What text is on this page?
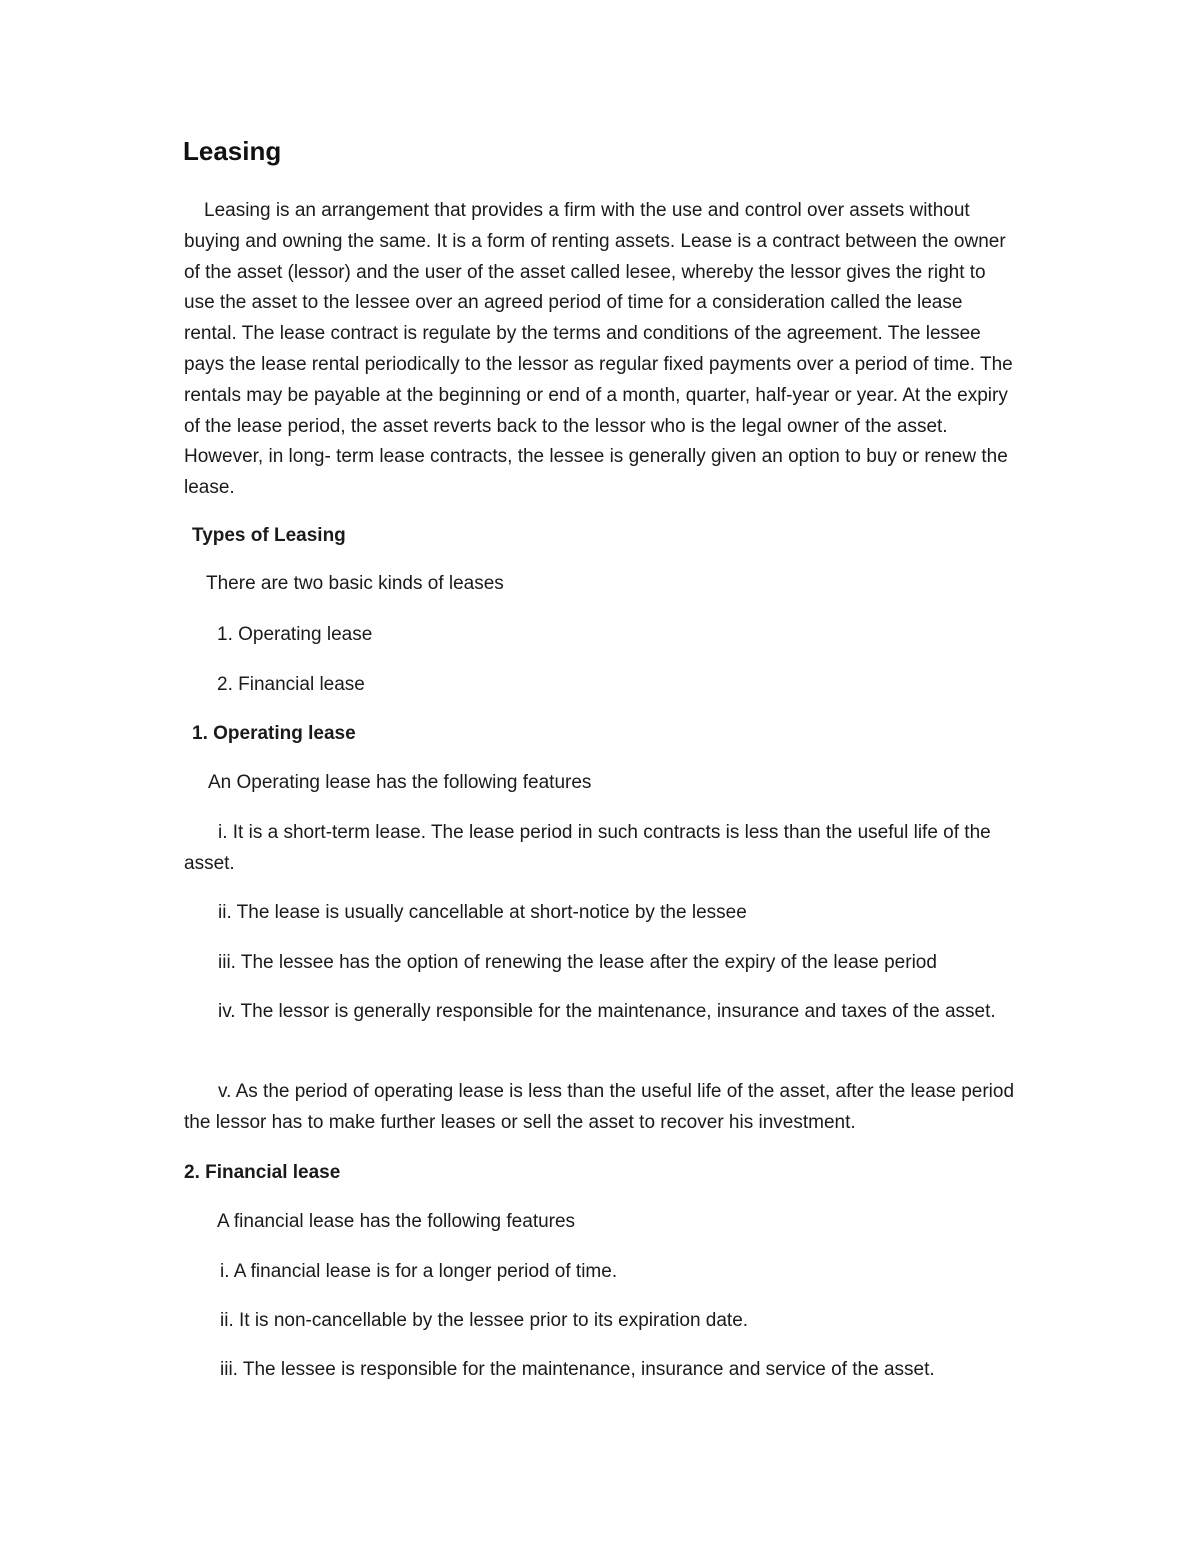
Leasing

Leasing is an arrangement that provides a firm with the use and control over assets without buying and owning the same. It is a form of renting assets. Lease is a contract between the owner of the asset (lessor) and the user of the asset called lesee, whereby the lessor gives the right to use the asset to the lessee over an agreed period of time for a consideration called the lease rental. The lease contract is regulate by the terms and conditions of the agreement. The lessee pays the lease rental periodically to the lessor as regular fixed payments over a period of time. The rentals may be payable at the beginning or end of a month, quarter, half-year or year. At the expiry of the lease period, the asset reverts back to the lessor who is the legal owner of the asset. However, in long- term lease contracts, the lessee is generally given an option to buy or renew the lease.

Types of Leasing

There are two basic kinds of leases

1. Operating lease

2. Financial lease

1. Operating lease

An Operating lease has the following features

i. It is a short-term lease. The lease period in such contracts is less than the useful life of the asset.

ii. The lease is usually cancellable at short-notice by the lessee

iii. The lessee has the option of renewing the lease after the expiry of the lease period

iv. The lessor is generally responsible for the maintenance, insurance and taxes of the asset.

v. As the period of operating lease is less than the useful life of the asset, after the lease period the lessor has to make further leases or sell the asset to recover his investment.

2. Financial lease

A financial lease has the following features

i. A financial lease is for a longer period of time.

ii. It is non-cancellable by the lessee prior to its expiration date.

iii. The lessee is responsible for the maintenance, insurance and service of the asset.
